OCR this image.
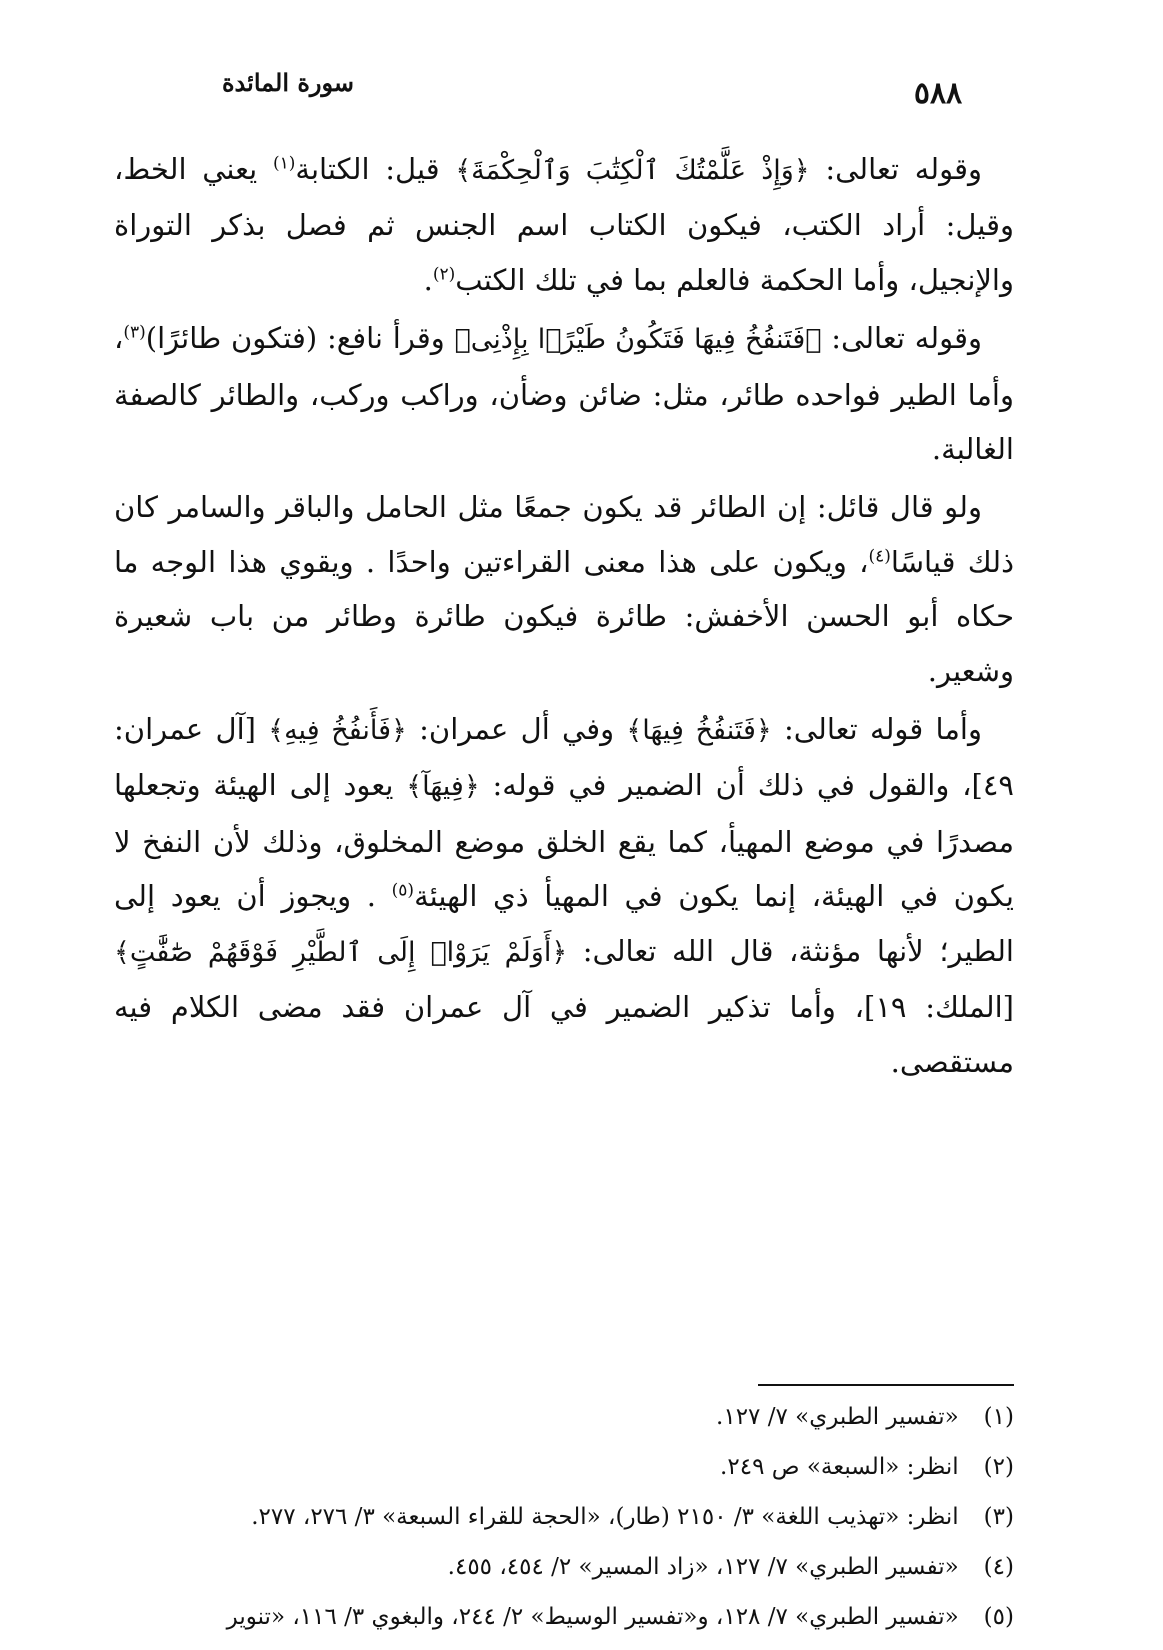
سورة المائدة	٥٨٨

وقوله تعالى: ﴿وَإِذْ عَلَّمْتُكَ ٱلْكِتَٰبَ وَٱلْحِكْمَةَ﴾ قيل: الكتابة$^{(١)}$ يعني الخط، وقيل: أراد الكتب، فيكون الكتاب اسم الجنس ثم فصل بذكر التوراة والإنجيل، وأما الحكمة فالعلم بما في تلك الكتب$^{(٢)}$.

وقوله تعالى: ﴿فَتَنفُخُ فِيهَا فَتَكُونُ طَيْرًۢا بِإِذْنِى﴾ وقرأ نافع: (فتكون طائرًا)$^{(٣)}$، وأما الطير فواحده طائر، مثل: ضائن وضأن، وراكب وركب، والطائر كالصفة الغالبة.

ولو قال قائل: إن الطائر قد يكون جمعًا مثل الحامل والباقر والسامر كان ذلك قياسًا$^{(٤)}$، ويكون على هذا معنى القراءتين واحدًا . ويقوي هذا الوجه ما حكاه أبو الحسن الأخفش: طائرة فيكون طائرة وطائر من باب شعيرة وشعير.

وأما قوله تعالى: ﴿فَتَنفُخُ فِيهَا﴾ وفي أل عمران: ﴿فَأَنفُخُ فِيهِ﴾ [آل عمران: ٤٩]، والقول في ذلك أن الضمير في قوله: ﴿فِيهَآ﴾ يعود إلى الهيئة وتجعلها مصدرًا في موضع المهيأ، كما يقع الخلق موضع المخلوق، وذلك لأن النفخ لا يكون في الهيئة، إنما يكون في المهيأ ذي الهيئة$^{(٥)}$ . ويجوز أن يعود إلى الطير؛ لأنها مؤنثة، قال الله تعالى: ﴿أَوَلَمْ يَرَوْا۟ إِلَى ٱلطَّيْرِ فَوْقَهُمْ صَٰٓفَّٰتٍ﴾ [الملك: ١٩]، وأما تذكير الضمير في آل عمران فقد مضى الكلام فيه مستقصى.

(١) «تفسير الطبري» ٧/ ١٢٧.
(٢) انظر: «السبعة» ص ٢٤٩.
(٣) انظر: «تهذيب اللغة» ٣/ ٢١٥٠ (طار)، «الحجة للقراء السبعة» ٣/ ٢٧٦، ٢٧٧.
(٤) «تفسير الطبري» ٧/ ١٢٧، «زاد المسير» ٢/ ٤٥٤، ٤٥٥.
(٥) «تفسير الطبري» ٧/ ١٢٨، و«تفسير الوسيط» ٢/ ٢٤٤، والبغوي ٣/ ١١٦، «تنوير
